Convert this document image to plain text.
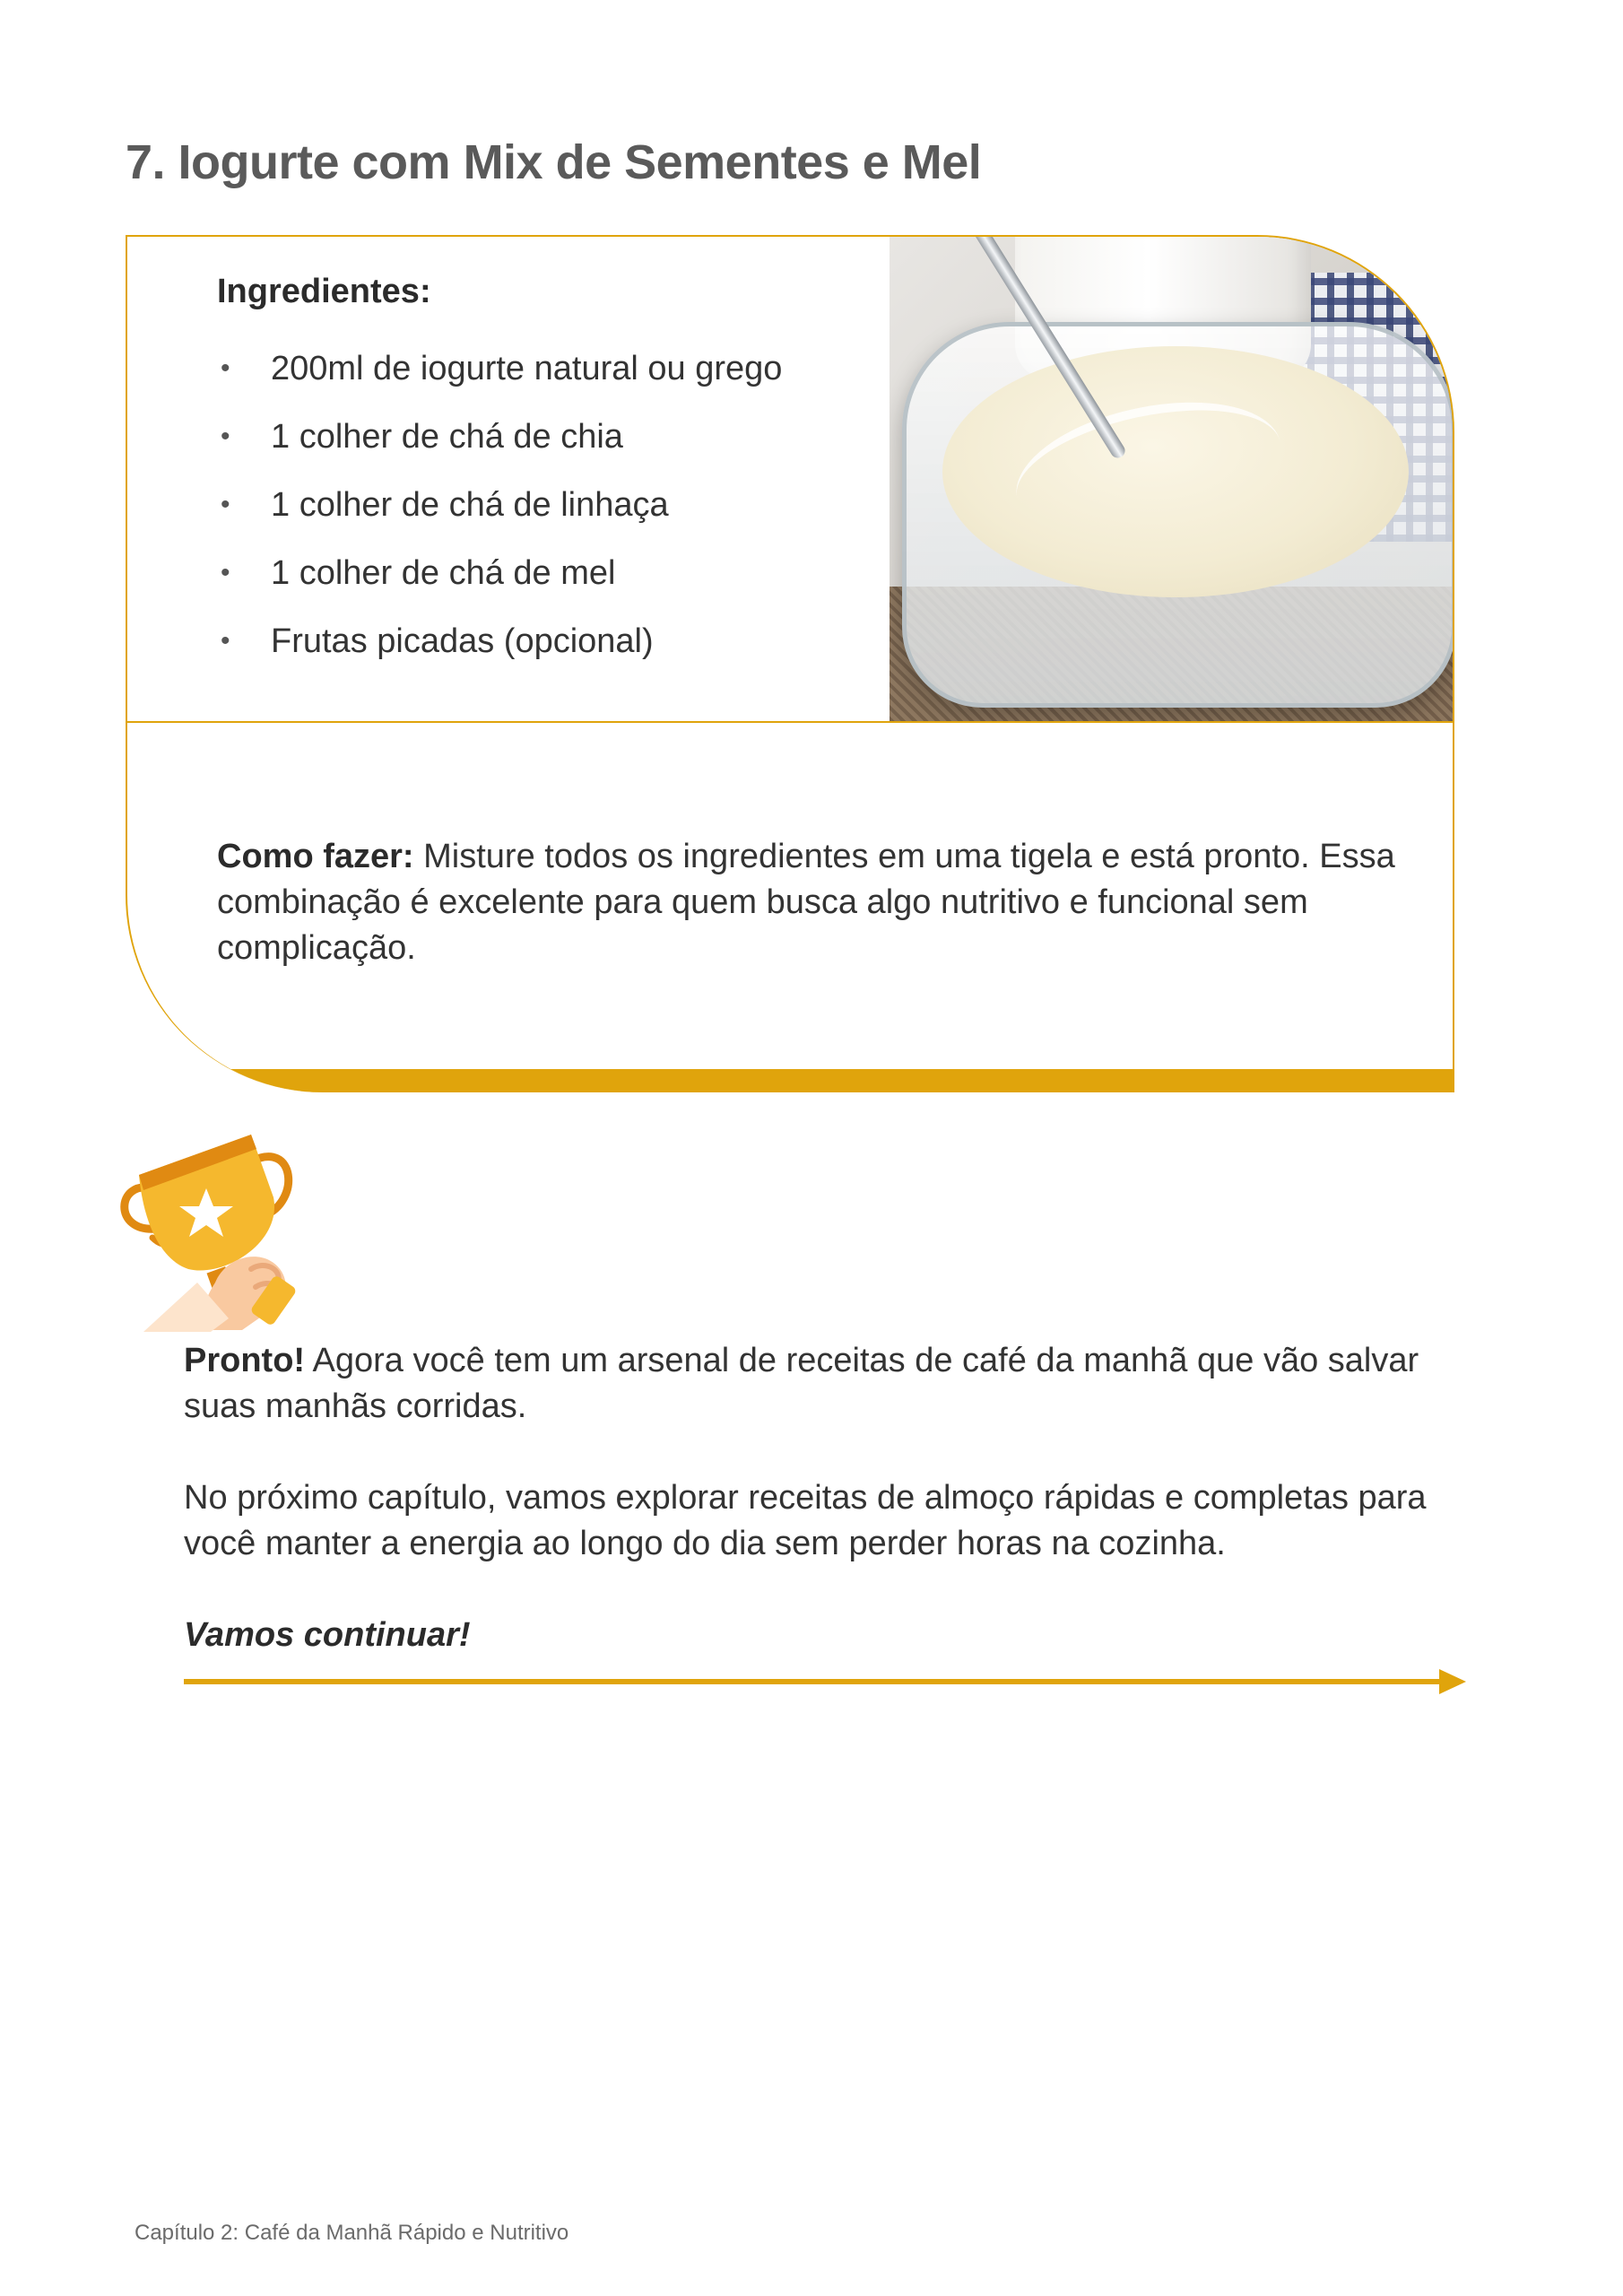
7. Iogurte com Mix de Sementes e Mel
Ingredientes:
•	200ml de iogurte natural ou grego
•	1 colher de chá de chia
•	1 colher de chá de linhaça
•	1 colher de chá de mel
•	Frutas picadas (opcional)

Como fazer: Misture todos os ingredientes em uma tigela e está pronto. Essa combinação é excelente para quem busca algo nutritivo e funcional sem complicação.

Pronto! Agora você tem um arsenal de receitas de café da manhã que vão salvar suas manhãs corridas.

No próximo capítulo, vamos explorar receitas de almoço rápidas e completas para você manter a energia ao longo do dia sem perder horas na cozinha.

Vamos continuar!

Capítulo 2: Café da Manhã Rápido e Nutritivo
